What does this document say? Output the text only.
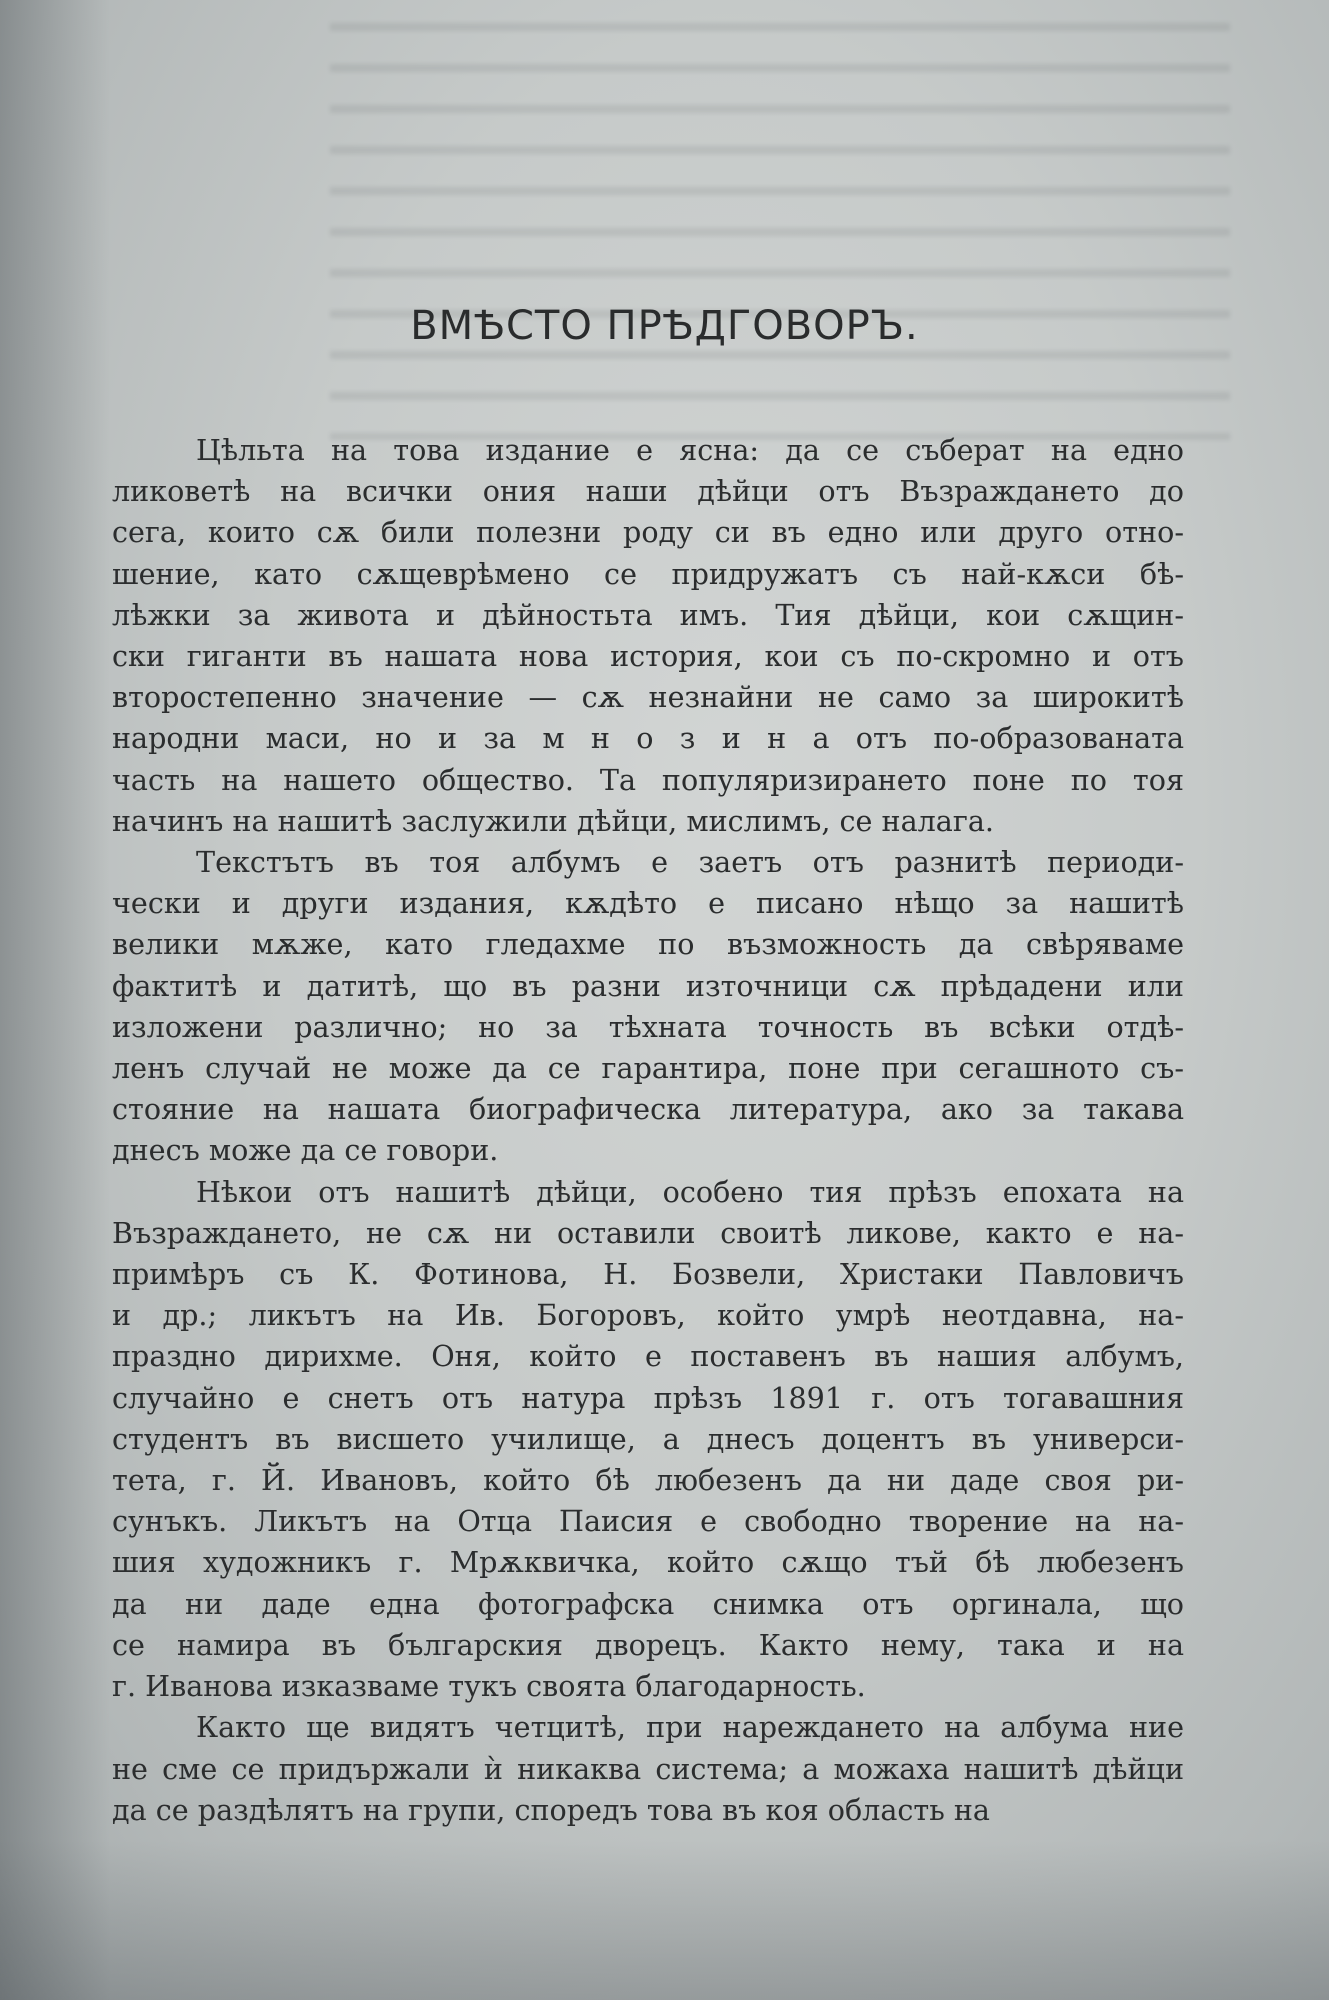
ВМѢСТО ПРѢДГОВОРЪ.
Цѣльта на това издание е ясна: да се съберат на едно
ликоветѣ на всички ония наши дѣйци отъ Възраждането до
сега, които сѫ били полезни роду си въ едно или друго отно-
шение, като сѫщеврѣмено се придружатъ съ най-кѫси бѣ-
лѣжки за живота и дѣйностьта имъ. Тия дѣйци, кои сѫщин-
ски гиганти въ нашата нова история, кои съ по-скромно и отъ
второстепенно значение — сѫ незнайни не само за широкитѣ
народни маси, но и за м н о з и н а отъ по-образованата
часть на нашето общество. Та популяризирането поне по тоя
начинъ на нашитѣ заслужили дѣйци, мислимъ, се налага.
Текстътъ въ тоя албумъ е заетъ отъ разнитѣ периоди-
чески и други издания, кѫдѣто е писано нѣщо за нашитѣ
велики мѫже, като гледахме по възможность да свѣряваме
фактитѣ и датитѣ, що въ разни източници сѫ прѣдадени или
изложени различно; но за тѣхната точность въ всѣки отдѣ-
ленъ случай не може да се гарантира, поне при сегашното съ-
стояние на нашата биографическа литература, ако за такава
днесъ може да се говори.
Нѣкои отъ нашитѣ дѣйци, особено тия прѣзъ епохата на
Възраждането, не сѫ ни оставили своитѣ ликове, както е на-
примѣръ съ К. Фотинова, Н. Бозвели, Христаки Павловичъ
и др.; ликътъ на Ив. Богоровъ, който умрѣ неотдавна, на-
праздно дирихме. Оня, който е поставенъ въ нашия албумъ,
случайно е снетъ отъ натура прѣзъ 1891 г. отъ тогавашния
студентъ въ висшето училище, а днесъ доцентъ въ универси-
тета, г. Й. Ивановъ, който бѣ любезенъ да ни даде своя ри-
сунъкъ. Ликътъ на Отца Паисия е свободно творение на на-
шия художникъ г. Мрѫквичка, който сѫщо тъй бѣ любезенъ
да ни даде една фотографска снимка отъ оргинала, що
се намира въ българския дворецъ. Както нему, така и на
г. Иванова изказваме тукъ своята благодарность.
Както ще видятъ четцитѣ, при нареждането на албума ние
не сме се придържали ѝ никаква система; а можаха нашитѣ дѣйци
да се раздѣлятъ на групи, споредъ това въ коя область на
